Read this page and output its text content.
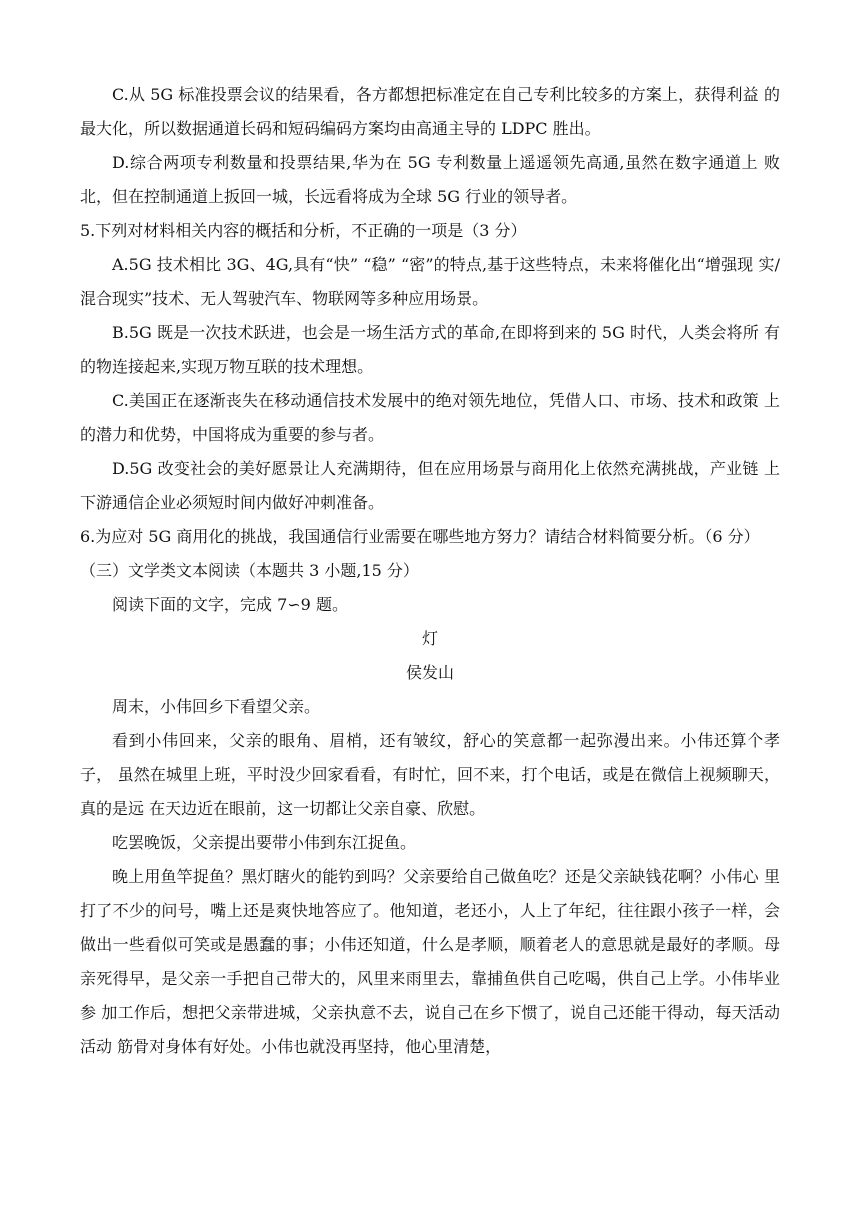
C.从 5G 标准投票会议的结果看，各方都想把标准定在自己专利比较多的方案上，获得利益 的最大化，所以数据通道长码和短码编码方案均由高通主导的 LDPC 胜出。

D.综合两项专利数量和投票结果,华为在 5G 专利数量上遥遥领先高通,虽然在数字通道上 败北，但在控制通道上扳回一城，长远看将成为全球 5G 行业的领导者。

5.下列对材料相关内容的概括和分析，不正确的一项是（3 分）

A.5G 技术相比 3G、4G,具有“快” “稳” “密”的特点,基于这些特点，未来将催化出“增强现 实/混合现实”技术、无人驾驶汽车、物联网等多种应用场景。

B.5G 既是一次技术跃进，也会是一场生活方式的革命,在即将到来的 5G 时代，人类会将所 有的物连接起来,实现万物互联的技术理想。

C.美国正在逐渐丧失在移动通信技术发展中的绝对领先地位，凭借人口、市场、技术和政策 上的潜力和优势，中国将成为重要的参与者。

D.5G 改变社会的美好愿景让人充满期待，但在应用场景与商用化上依然充满挑战，产业链 上下游通信企业必须短时间内做好冲刺准备。

6.为应对 5G 商用化的挑战，我国通信行业需要在哪些地方努力？请结合材料简要分析。（6 分）

（三）文学类文本阅读（本题共 3 小题,15 分）

阅读下面的文字，完成 7∽9 题。

灯

侯发山

周末，小伟回乡下看望父亲。

看到小伟回来，父亲的眼角、眉梢，还有皱纹，舒心的笑意都一起弥漫出来。小伟还算个孝子， 虽然在城里上班，平时没少回家看看，有时忙，回不来，打个电话，或是在微信上视频聊天，真的是远 在天边近在眼前，这一切都让父亲自豪、欣慰。

吃罢晚饭，父亲提出要带小伟到东江捉鱼。

晚上用鱼竿捉鱼？黑灯瞎火的能钓到吗？父亲要给自己做鱼吃？还是父亲缺钱花啊？小伟心 里打了不少的问号，嘴上还是爽快地答应了。他知道，老还小，人上了年纪，往往跟小孩子一样，会 做出一些看似可笑或是愚蠢的事；小伟还知道，什么是孝顺，顺着老人的意思就是最好的孝顺。母 亲死得早，是父亲一手把自己带大的，风里来雨里去，靠捕鱼供自己吃喝，供自己上学。小伟毕业参 加工作后，想把父亲带进城，父亲执意不去，说自己在乡下惯了，说自己还能干得动，每天活动活动 筋骨对身体有好处。小伟也就没再坚持，他心里清楚，
